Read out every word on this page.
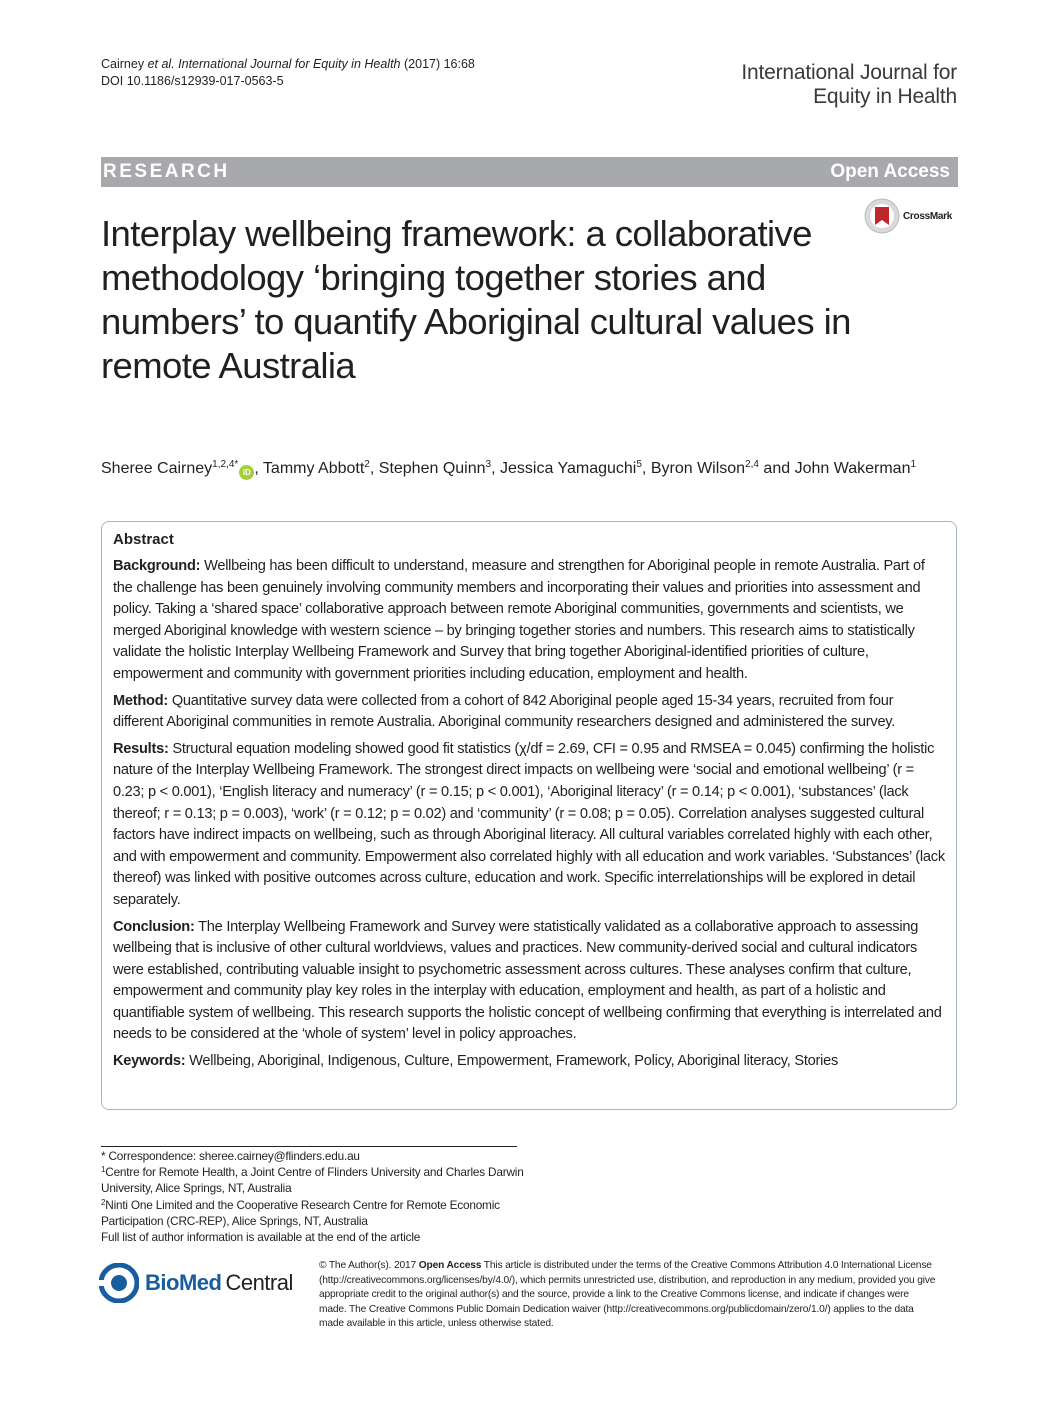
Cairney et al. International Journal for Equity in Health (2017) 16:68
DOI 10.1186/s12939-017-0563-5	International Journal for
Equity in Health
RESEARCH	Open Access
CrossMark
Interplay wellbeing framework: a collaborative methodology ‘bringing together stories and numbers’ to quantify Aboriginal cultural values in remote Australia
Sheree Cairney$^{1,2,4*}$iD , Tammy Abbott$^2$, Stephen Quinn$^3$, Jessica Yamaguchi$^5$, Byron Wilson$^{2,4}$ and John Wakerman$^1$
Abstract

Background: Wellbeing has been difficult to understand, measure and strengthen for Aboriginal people in remote Australia. Part of the challenge has been genuinely involving community members and incorporating their values and priorities into assessment and policy. Taking a ‘shared space’ collaborative approach between remote Aboriginal communities, governments and scientists, we merged Aboriginal knowledge with western science – by bringing together stories and numbers. This research aims to statistically validate the holistic Interplay Wellbeing Framework and Survey that bring together Aboriginal-identified priorities of culture, empowerment and community with government priorities including education, employment and health.

Method: Quantitative survey data were collected from a cohort of 842 Aboriginal people aged 15-34 years, recruited from four different Aboriginal communities in remote Australia. Aboriginal community researchers designed and administered the survey.

Results: Structural equation modeling showed good fit statistics (χ/df = 2.69, CFI = 0.95 and RMSEA = 0.045) confirming the holistic nature of the Interplay Wellbeing Framework. The strongest direct impacts on wellbeing were ‘social and emotional wellbeing’ (r = 0.23; p < 0.001), ‘English literacy and numeracy’ (r = 0.15; p < 0.001), ‘Aboriginal literacy’ (r = 0.14; p < 0.001), ‘substances’ (lack thereof; r = 0.13; p = 0.003), ‘work’ (r = 0.12; p = 0.02) and ‘community’ (r = 0.08; p = 0.05). Correlation analyses suggested cultural factors have indirect impacts on wellbeing, such as through Aboriginal literacy. All cultural variables correlated highly with each other, and with empowerment and community. Empowerment also correlated highly with all education and work variables. ‘Substances’ (lack thereof) was linked with positive outcomes across culture, education and work. Specific interrelationships will be explored in detail separately.

Conclusion: The Interplay Wellbeing Framework and Survey were statistically validated as a collaborative approach to assessing wellbeing that is inclusive of other cultural worldviews, values and practices. New community-derived social and cultural indicators were established, contributing valuable insight to psychometric assessment across cultures. These analyses confirm that culture, empowerment and community play key roles in the interplay with education, employment and health, as part of a holistic and quantifiable system of wellbeing. This research supports the holistic concept of wellbeing confirming that everything is interrelated and needs to be considered at the ‘whole of system’ level in policy approaches.

Keywords: Wellbeing, Aboriginal, Indigenous, Culture, Empowerment, Framework, Policy, Aboriginal literacy, Stories

* Correspondence: sheree.cairney@flinders.edu.au
$^1$Centre for Remote Health, a Joint Centre of Flinders University and Charles Darwin University, Alice Springs, NT, Australia
$^2$Ninti One Limited and the Cooperative Research Centre for Remote Economic Participation (CRC-REP), Alice Springs, NT, Australia
Full list of author information is available at the end of the article
BioMed Central
© The Author(s). 2017 Open Access This article is distributed under the terms of the Creative Commons Attribution 4.0 International License (http://creativecommons.org/licenses/by/4.0/), which permits unrestricted use, distribution, and reproduction in any medium, provided you give appropriate credit to the original author(s) and the source, provide a link to the Creative Commons license, and indicate if changes were made. The Creative Commons Public Domain Dedication waiver (http://creativecommons.org/publicdomain/zero/1.0/) applies to the data made available in this article, unless otherwise stated.
